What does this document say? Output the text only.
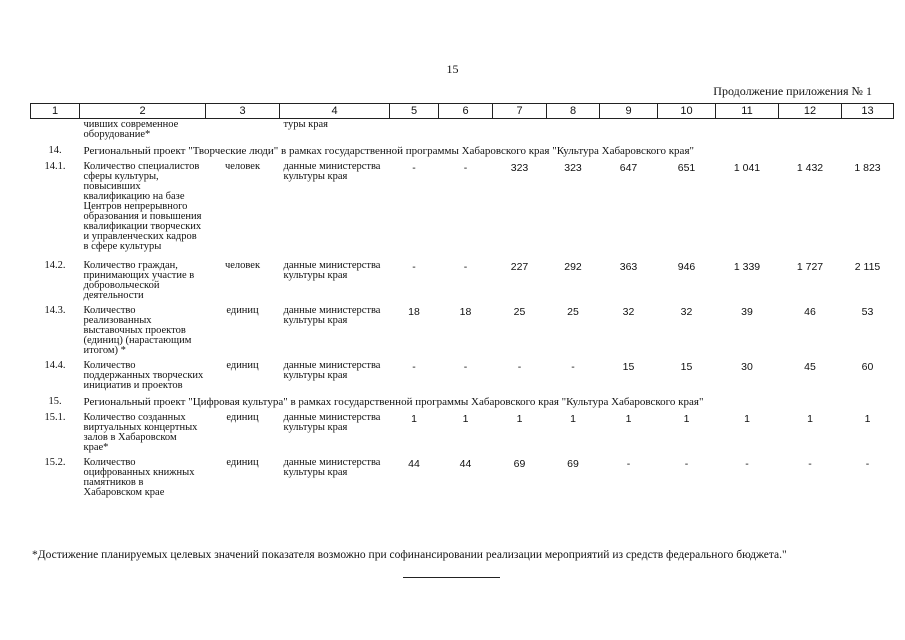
15
Продолжение приложения № 1
1	2	3	4	5	6	7	8	9	10	11	12	13
	чивших современное оборудование*		туры края									
14.	Региональный проект "Творческие люди" в рамках государственной программы Хабаровского края "Культура Хабаровского края"											
14.1.	Количество специалистов сферы культуры, повысивших квалификацию на базе Центров непрерывного образования и повышения квалификации творческих и управленческих кадров в сфере культуры	человек	данные министерства культуры края	-	-	323	323	647	651	1 041	1 432	1 823

14.2.	Количество граждан, принимающих участие в добровольческой деятельности	человек	данные министерства культуры края	-	-	227	292	363	946	1 339	1 727	2 115

14.3.	Количество реализованных выставочных проектов (единиц) (нарастающим итогом) *	единиц	данные министерства культуры края	18	18	25	25	32	32	39	46	53

14.4.	Количество поддержанных творческих инициатив и проектов	единиц	данные министерства культуры края	-	-	-	-	15	15	30	45	60
15.	Региональный проект "Цифровая культура" в рамках государственной программы Хабаровского края "Культура Хабаровского края"											
15.1.	Количество созданных виртуальных концертных залов в Хабаровском крае*	единиц	данные министерства культуры края	1	1	1	1	1	1	1	1	1

15.2.	Количество оцифрованных книжных памятников в Хабаровском крае	единиц	данные министерства культуры края	44	44	69	69	-	-	-	-	-
*Достижение планируемых целевых значений показателя возможно при софинансировании реализации мероприятий из средств федерального бюджета."
